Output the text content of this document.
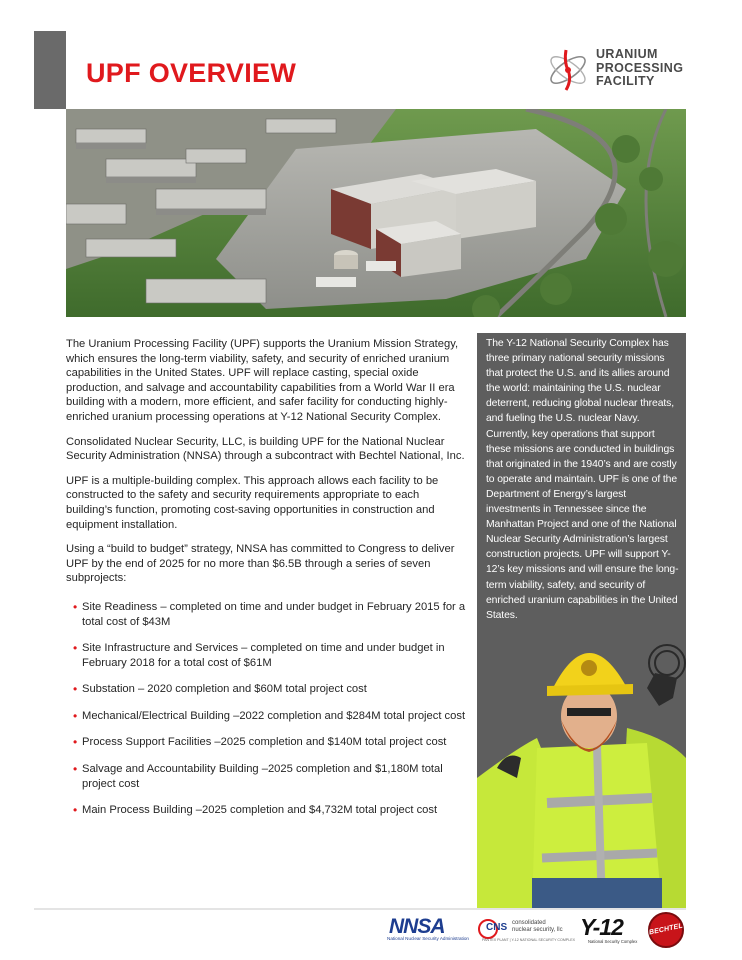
UPF OVERVIEW
URANIUM
PROCESSING
FACILITY

The Uranium Processing Facility (UPF) supports the Uranium Mission Strategy, which ensures the long-term viability, safety, and security of enriched uranium capabilities in the United States. UPF will replace casting, special oxide production, and salvage and accountability capabilities from a World War II era building with a modern, more efficient, and safer facility for conducting highly-enriched uranium processing operations at Y-12 National Security Complex.

Consolidated Nuclear Security, LLC, is building UPF for the National Nuclear Security Administration (NNSA) through a subcontract with Bechtel National, Inc.

UPF is a multiple-building complex. This approach allows each facility to be constructed to the safety and security requirements appropriate to each building’s function, promoting cost-saving opportunities in construction and equipment installation.

Using a “build to budget” strategy, NNSA has committed to Congress to deliver UPF by the end of 2025 for no more than $6.5B through a series of seven subprojects:

• Site Readiness – completed on time and under budget in February 2015 for a total cost of $43M
• Site Infrastructure and Services – completed on time and under budget in February 2018 for a total cost of $61M
• Substation – 2020 completion and $60M total project cost
• Mechanical/Electrical Building –2022 completion and $284M total project cost
• Process Support Facilities –2025 completion and $140M total project cost
• Salvage and Accountability Building –2025 completion and $1,180M total project cost
• Main Process Building –2025 completion and $4,732M total project cost

The Y-12 National Security Complex has three primary national security missions that protect the U.S. and its allies around the world: maintaining the U.S. nuclear deterrent, reducing global nuclear threats, and fueling the U.S. nuclear Navy. Currently, key operations that support these missions are conducted in buildings that originated in the 1940’s and are costly to operate and maintain. UPF is one of the Department of Energy’s largest investments in Tennessee since the Manhattan Project and one of the National Nuclear Security Administration’s largest construction projects. UPF will support Y-12’s key missions and will ensure the long-term viability, safety, and security of enriched uranium capabilities in the United States.

NNSA
National Nuclear Security Administration
CNS consolidated
nuclear security, llc
PANTEX PLANT | Y-12 NATIONAL SECURITY COMPLEX Y-12
National Security Complex
BECHTEL
